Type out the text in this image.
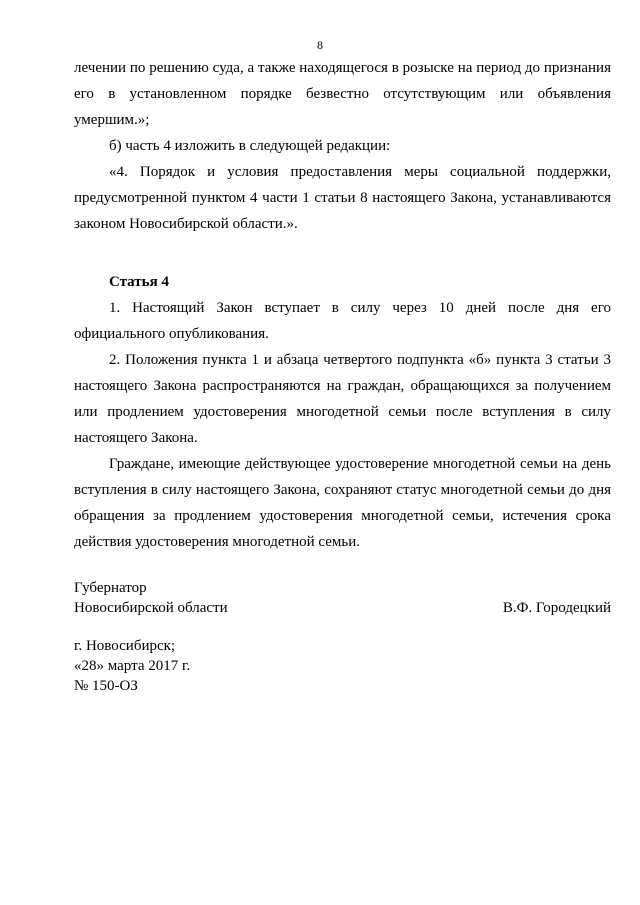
8

лечении по решению суда, а также находящегося в розыске на период до признания его в установленном порядке безвестно отсутствующим или объявления умершим.»;

б) часть 4 изложить в следующей редакции:

«4. Порядок и условия предоставления меры социальной поддержки, предусмотренной пунктом 4 части 1 статьи 8 настоящего Закона, устанавливаются законом Новосибирской области.».

Статья 4

1. Настоящий Закон вступает в силу через 10 дней после дня его официального опубликования.

2. Положения пункта 1 и абзаца четвертого подпункта «б» пункта 3 статьи 3 настоящего Закона распространяются на граждан, обращающихся за получением или продлением удостоверения многодетной семьи после вступления в силу настоящего Закона.

Граждане, имеющие действующее удостоверение многодетной семьи на день вступления в силу настоящего Закона, сохраняют статус многодетной семьи до дня обращения за продлением удостоверения многодетной семьи, истечения срока действия удостоверения многодетной семьи.

Губернатор
Новосибирской области	В.Ф. Городецкий
г. Новосибирск;
«28» марта 2017 г.
№ 150-ОЗ
